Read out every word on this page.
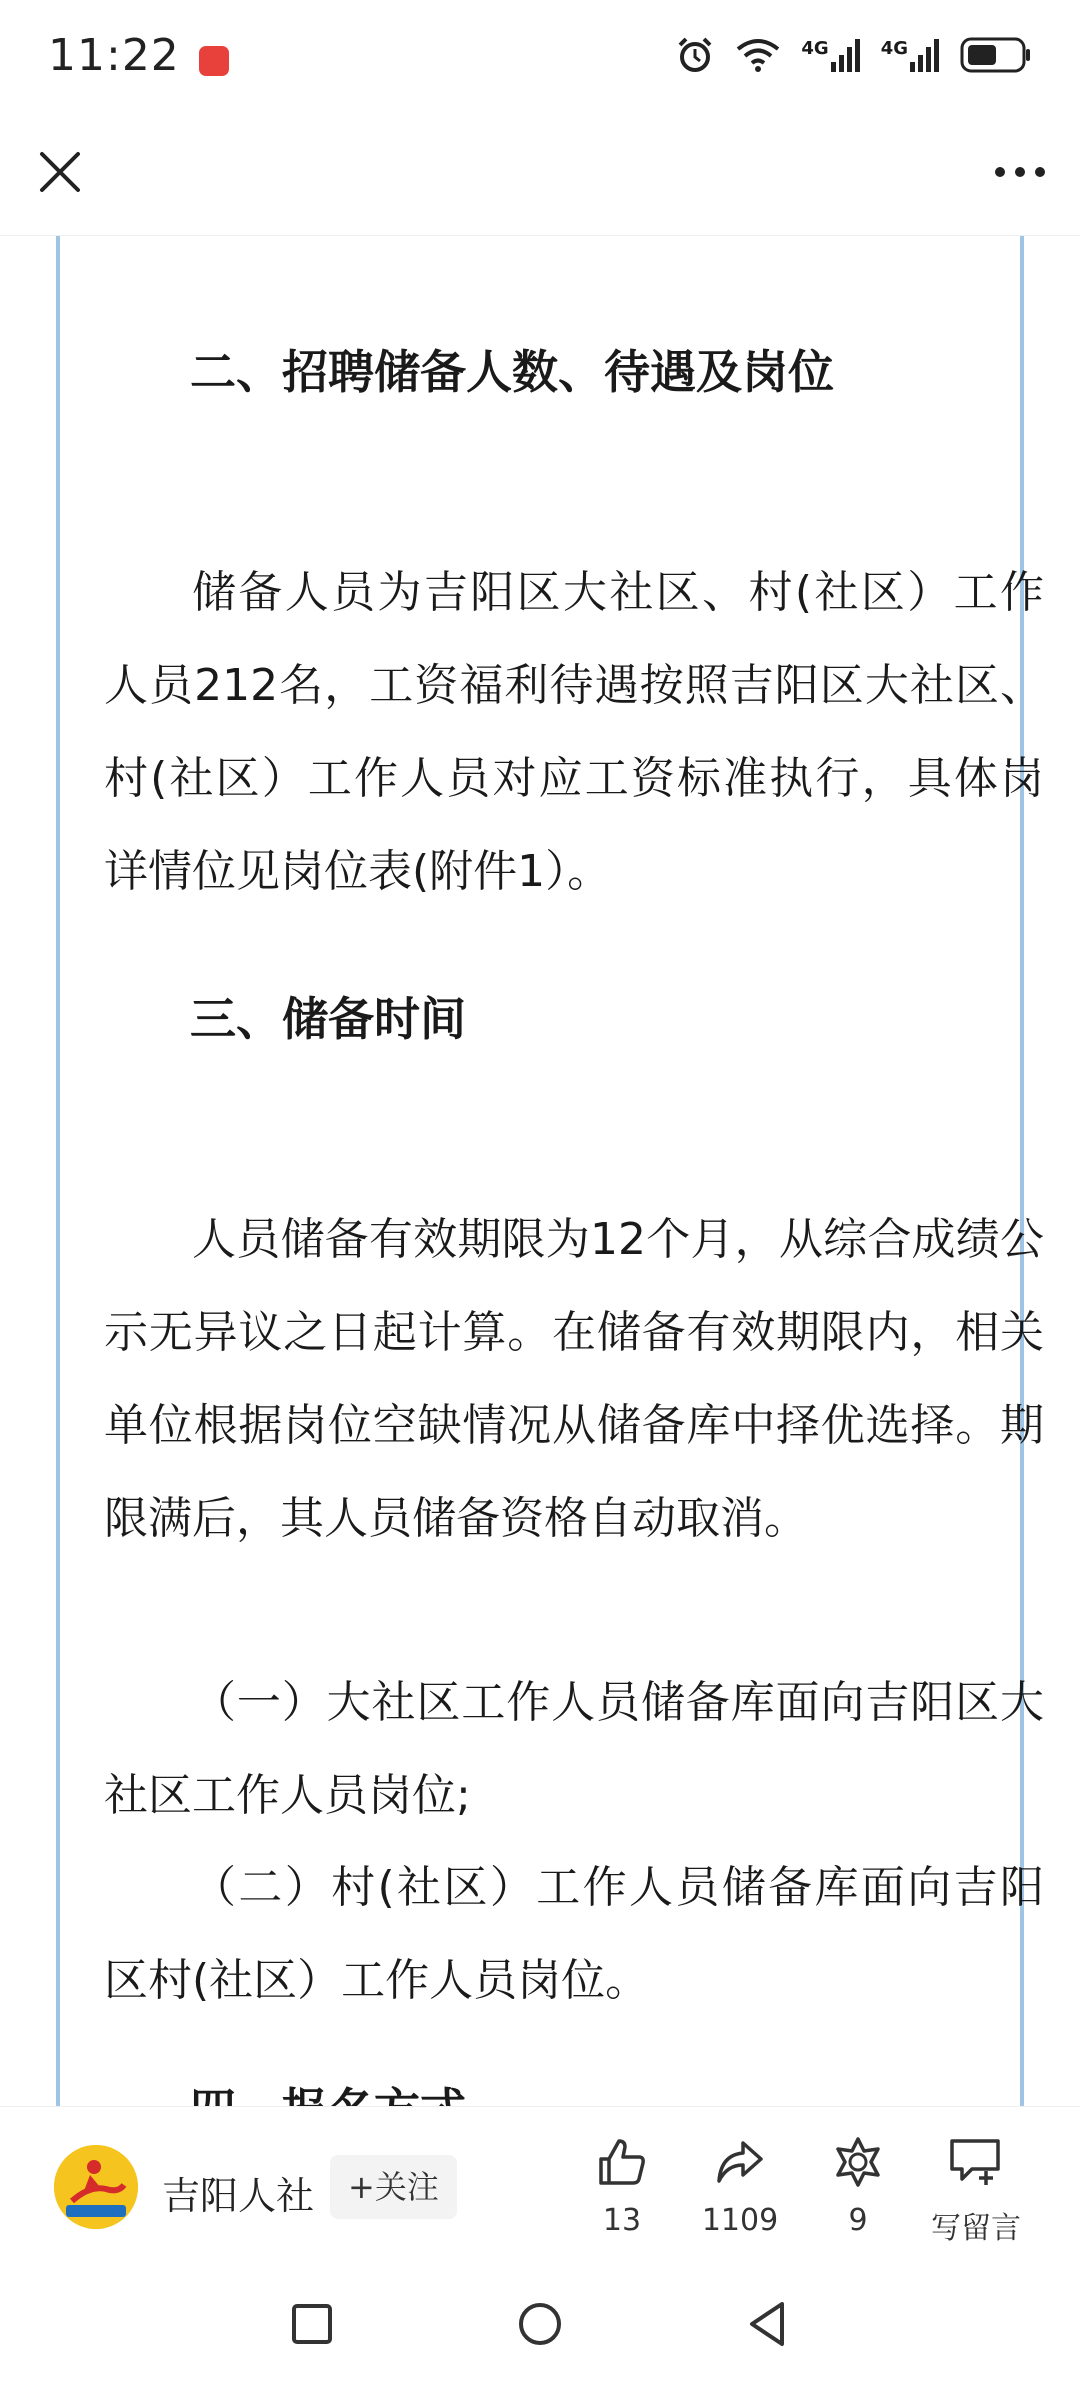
11:22	4G	4G
二、招聘储备人数、待遇及岗位
储备人员为吉阳区大社区、村(社区）工作人员212名，工资福利待遇按照吉阳区大社区、村(社区）工作人员对应工资标准执行，具体岗详情位见岗位表(附件1）。
三、储备时间
人员储备有效期限为12个月，从综合成绩公示无异议之日起计算。在储备有效期限内，相关单位根据岗位空缺情况从储备库中择优选择。期限满后，其人员储备资格自动取消。
（一）大社区工作人员储备库面向吉阳区大社区工作人员岗位;
（二）村(社区）工作人员储备库面向吉阳区村(社区）工作人员岗位。
吉阳人社	+关注
13	1109	9	写留言
